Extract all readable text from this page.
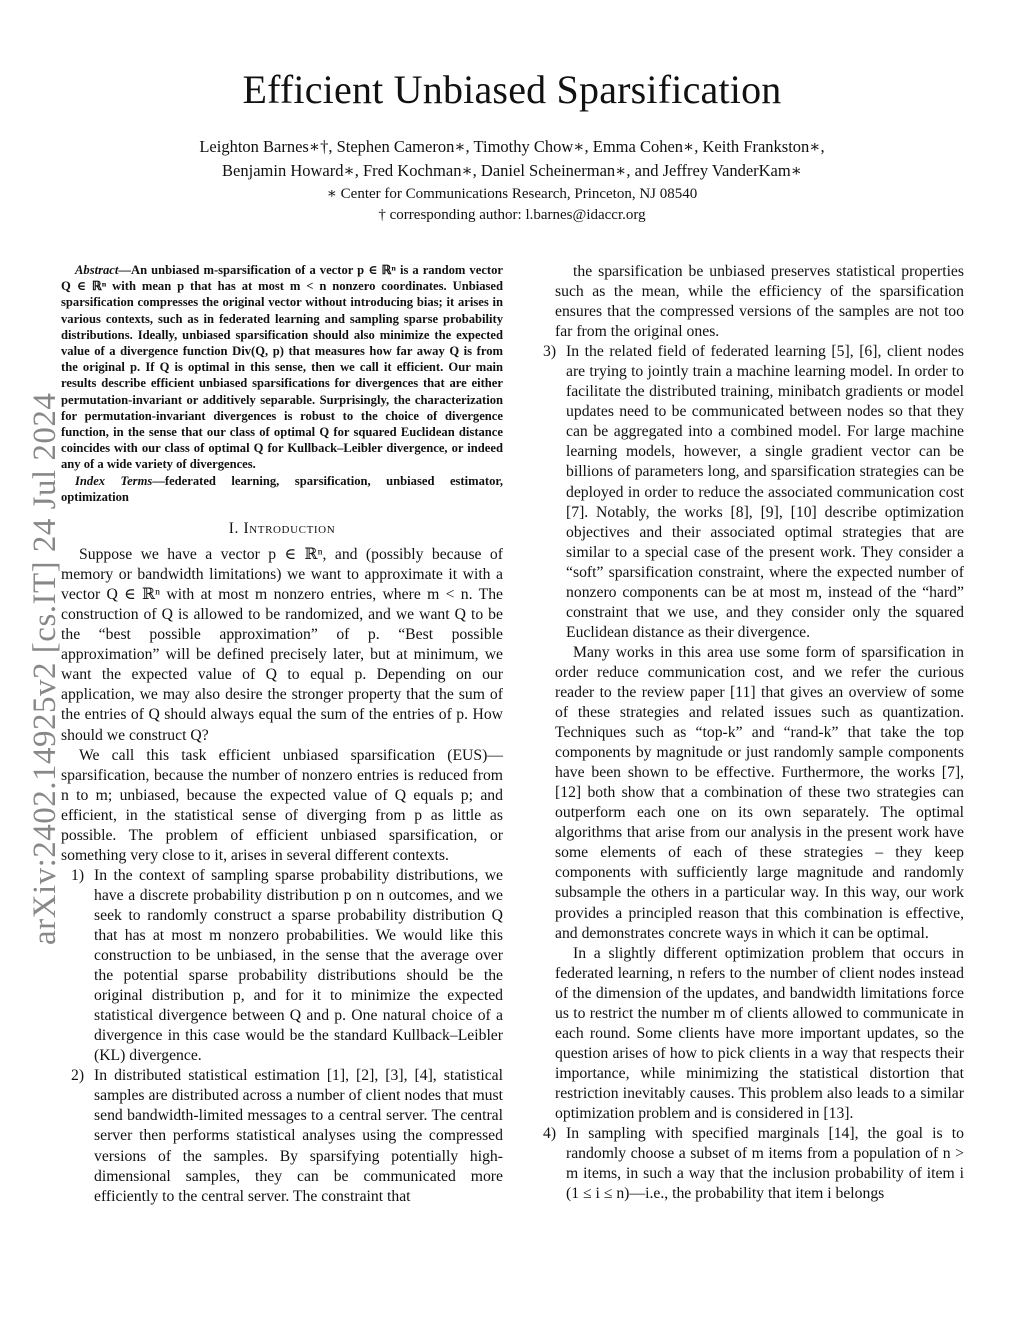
Efficient Unbiased Sparsification
Leighton Barnes∗†, Stephen Cameron∗, Timothy Chow∗, Emma Cohen∗, Keith Frankston∗,
Benjamin Howard∗, Fred Kochman∗, Daniel Scheinerman∗, and Jeffrey VanderKam∗
∗ Center for Communications Research, Princeton, NJ 08540
† corresponding author: l.barnes@idaccr.org
arXiv:2402.14925v2 [cs.IT] 24 Jul 2024

Abstract—An unbiased m-sparsification of a vector p ∈ ℝⁿ is a random vector Q ∈ ℝⁿ with mean p that has at most m < n nonzero coordinates. Unbiased sparsification compresses the original vector without introducing bias; it arises in various contexts, such as in federated learning and sampling sparse probability distributions. Ideally, unbiased sparsification should also minimize the expected value of a divergence function Div(Q, p) that measures how far away Q is from the original p. If Q is optimal in this sense, then we call it efficient. Our main results describe efficient unbiased sparsifications for divergences that are either permutation-invariant or additively separable. Surprisingly, the characterization for permutation-invariant divergences is robust to the choice of divergence function, in the sense that our class of optimal Q for squared Euclidean distance coincides with our class of optimal Q for Kullback–Leibler divergence, or indeed any of a wide variety of divergences.

Index Terms—federated learning, sparsification, unbiased estimator, optimization

I. Introduction

Suppose we have a vector p ∈ ℝⁿ, and (possibly because of memory or bandwidth limitations) we want to approximate it with a vector Q ∈ ℝⁿ with at most m nonzero entries, where m < n. The construction of Q is allowed to be randomized, and we want Q to be the “best possible approximation” of p. “Best possible approximation” will be defined precisely later, but at minimum, we want the expected value of Q to equal p. Depending on our application, we may also desire the stronger property that the sum of the entries of Q should always equal the sum of the entries of p. How should we construct Q?

We call this task efficient unbiased sparsification (EUS)—sparsification, because the number of nonzero entries is reduced from n to m; unbiased, because the expected value of Q equals p; and efficient, in the statistical sense of diverging from p as little as possible. The problem of efficient unbiased sparsification, or something very close to it, arises in several different contexts.

1) In the context of sampling sparse probability distributions, we have a discrete probability distribution p on n outcomes, and we seek to randomly construct a sparse probability distribution Q that has at most m nonzero probabilities. We would like this construction to be unbiased, in the sense that the average over the potential sparse probability distributions should be the original distribution p, and for it to minimize the expected statistical divergence between Q and p. One natural choice of a divergence in this case would be the standard Kullback–Leibler (KL) divergence.
2) In distributed statistical estimation [1], [2], [3], [4], statistical samples are distributed across a number of client nodes that must send bandwidth-limited messages to a central server. The central server then performs statistical analyses using the compressed versions of the samples. By sparsifying potentially high-dimensional samples, they can be communicated more efficiently to the central server. The constraint that

the sparsification be unbiased preserves statistical properties such as the mean, while the efficiency of the sparsification ensures that the compressed versions of the samples are not too far from the original ones.

3) In the related field of federated learning [5], [6], client nodes are trying to jointly train a machine learning model. In order to facilitate the distributed training, minibatch gradients or model updates need to be communicated between nodes so that they can be aggregated into a combined model. For large machine learning models, however, a single gradient vector can be billions of parameters long, and sparsification strategies can be deployed in order to reduce the associated communication cost [7]. Notably, the works [8], [9], [10] describe optimization objectives and their associated optimal strategies that are similar to a special case of the present work. They consider a “soft” sparsification constraint, where the expected number of nonzero components can be at most m, instead of the “hard” constraint that we use, and they consider only the squared Euclidean distance as their divergence.

Many works in this area use some form of sparsification in order reduce communication cost, and we refer the curious reader to the review paper [11] that gives an overview of some of these strategies and related issues such as quantization. Techniques such as “top-k” and “rand-k” that take the top components by magnitude or just randomly sample components have been shown to be effective. Furthermore, the works [7], [12] both show that a combination of these two strategies can outperform each one on its own separately. The optimal algorithms that arise from our analysis in the present work have some elements of each of these strategies – they keep components with sufficiently large magnitude and randomly subsample the others in a particular way. In this way, our work provides a principled reason that this combination is effective, and demonstrates concrete ways in which it can be optimal.

In a slightly different optimization problem that occurs in federated learning, n refers to the number of client nodes instead of the dimension of the updates, and bandwidth limitations force us to restrict the number m of clients allowed to communicate in each round. Some clients have more important updates, so the question arises of how to pick clients in a way that respects their importance, while minimizing the statistical distortion that restriction inevitably causes. This problem also leads to a similar optimization problem and is considered in [13].

4) In sampling with specified marginals [14], the goal is to randomly choose a subset of m items from a population of n > m items, in such a way that the inclusion probability of item i (1 ≤ i ≤ n)—i.e., the probability that item i belongs
